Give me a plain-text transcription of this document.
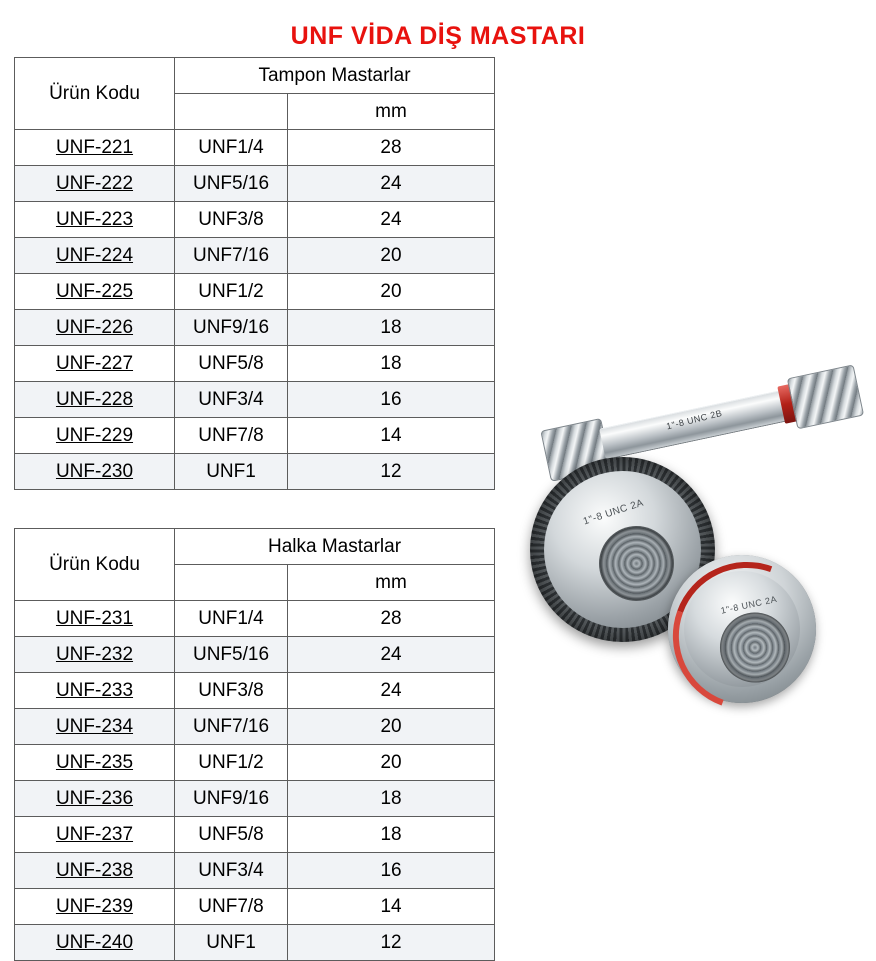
UNF VİDA DİŞ MASTARI
Ürün Kodu	Tampon Mastarlar	
		mm
UNF-221	UNF1/4	28
UNF-222	UNF5/16	24
UNF-223	UNF3/8	24
UNF-224	UNF7/16	20
UNF-225	UNF1/2	20
UNF-226	UNF9/16	18
UNF-227	UNF5/8	18
UNF-228	UNF3/4	16
UNF-229	UNF7/8	14
UNF-230	UNF1	12
Ürün Kodu	Halka Mastarlar	
		mm
UNF-231	UNF1/4	28
UNF-232	UNF5/16	24
UNF-233	UNF3/8	24
UNF-234	UNF7/16	20
UNF-235	UNF1/2	20
UNF-236	UNF9/16	18
UNF-237	UNF5/8	18
UNF-238	UNF3/4	16
UNF-239	UNF7/8	14
UNF-240	UNF1	12
1"-8 UNC 2B
1"-8 UNC 2A
1"-8 UNC 2A
